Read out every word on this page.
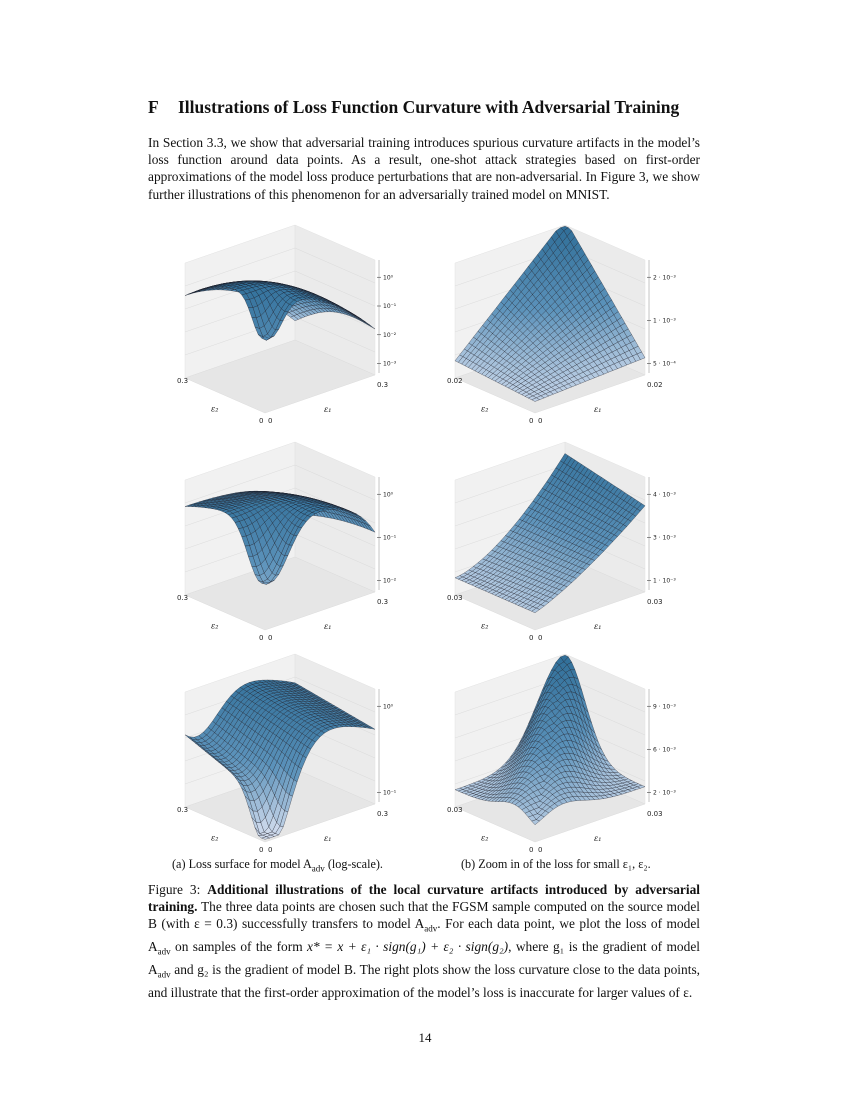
F Illustrations of Loss Function Curvature with Adversarial Training
In Section 3.3, we show that adversarial training introduces spurious curvature artifacts in the model’s loss function around data points. As a result, one-shot attack strategies based on first-order approximations of the model loss produce perturbations that are non-adversarial. In Figure 3, we show further illustrations of this phenomenon for an adversarially trained model on MNIST.
10⁰
10⁻¹
10⁻²
10⁻³
0.3	0.3
0 0
ε₂	ε₁
2 · 10⁻³
1 · 10⁻³
5 · 10⁻⁴
0.02	0.02
0 0
ε₂	ε₁
10⁰
10⁻¹
10⁻²
0.3	0.3
0 0
ε₂	ε₁
4 · 10⁻³
3 · 10⁻³
1 · 10⁻³
0.03	0.03
0 0
ε₂	ε₁
10⁰
10⁻¹
0.3	0.3
0 0
ε₂	ε₁
9 · 10⁻³
6 · 10⁻³
2 · 10⁻³
0.03	0.03
0 0
ε₂	ε₁
(a) Loss surface for model $A_{adv}$ (log-scale).	(b) Zoom in of the loss for small ε₁, ε₂.
Figure 3: Additional illustrations of the local curvature artifacts introduced by adversarial training. The three data points are chosen such that the FGSM sample computed on the source model B (with ε = 0.3) successfully transfers to model $A_{adv}$. For each data point, we plot the loss of model $A_{adv}$ on samples of the form x* = x + ε₁ · sign(g₁) + ε₂ · sign(g₂), where g₁ is the gradient of model $A_{adv}$ and g₂ is the gradient of model B. The right plots show the loss curvature close to the data points, and illustrate that the first-order approximation of the model’s loss is inaccurate for larger values of ε.
14
